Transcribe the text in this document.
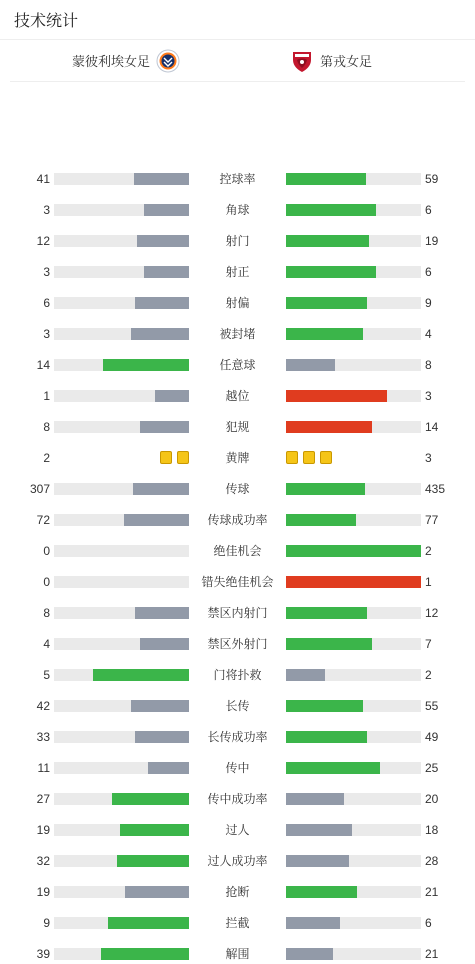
技术统计
蒙彼利埃女足	第戎女足
41	控球率	59
3	角球	6
12	射门	19
3	射正	6
6	射偏	9
3	被封堵	4
14	任意球	8
1	越位	3
8	犯规	14
2	黄牌	3
307	传球	435
72	传球成功率	77
0	绝佳机会	2
0	错失绝佳机会	1
8	禁区内射门	12
4	禁区外射门	7
5	门将扑救	2
42	长传	55
33	长传成功率	49
11	传中	25
27	传中成功率	20
19	过人	18
32	过人成功率	28
19	抢断	21
9	拦截	6
39	解围	21
